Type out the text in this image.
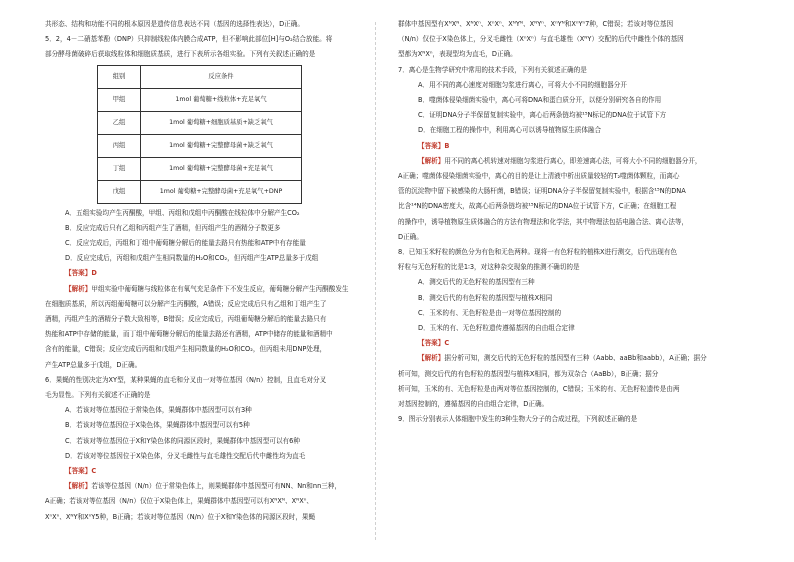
共形态、结构和功能不同的根本原因是遗传信息表达不同（基因的选择性表达），D正确。

5．2，4－二硝基苯酚（DNP）只抑制线粒体内膜合成ATP，但不影响此部位[H]与O₂结合放能。将

部分酵母菌破碎后获取线粒体和细胞质基质，进行下表所示各组实验。下列有关叙述正确的是

组别	反应条件
甲组	1mol 葡萄糖+线粒体+充足氧气
乙组	1mol 葡萄糖+细胞质基质+缺乏氧气
丙组	1mol 葡萄糖+完整酵母菌+缺乏氧气
丁组	1mol 葡萄糖+完整酵母菌+充足氧气
戊组	1mol 葡萄糖+完整酵母菌+充足氧气+DNP

A．五组实验均产生丙酮酸，甲组、丙组和戊组中丙酮酸在线粒体中分解产生CO₂

B．反应完成后只有乙组和丙组产生了酒精，但丙组产生的酒精分子数更多

C．反应完成后，丙组和丁组中葡萄糖分解后的能量去路只有热能和ATP中有存能量

D．反应完成后，丙组和戊组产生相同数量的H₂O和CO₂，但丙组产生ATP总量多于戊组

【答案】D

【解析】甲组实验中葡萄糖与线粒体在有氧气充足条件下不发生反应，葡萄糖分解产生丙酮酸发生

在细胞质基质，所以丙组葡萄糖可以分解产生丙酮酸，A错误；反应完成后只有乙组和丁组产生了

酒精，丙组产生的酒精分子数大致相等，B错误；反应完成后，丙组葡萄糖分解后的能量去路只有

热能和ATP中存储的能量，而丁组中葡萄糖分解后的能量去路还有酒精，ATP中储存的能量和酒精中

含有的能量，C错误；反应完成后丙组和戊组产生相同数量的H₂O和CO₂，但丙组未用DNP处理，

产生ATP总量多于戊组，D正确。

6．果蝇的性别决定为XY型，某种果蝇的直毛和分叉由一对等位基因（N/n）控制，且直毛对分叉

毛为显性。下列有关叙述不正确的是

A．若该对等位基因位于常染色体，果蝇群体中基因型可以有3种

B．若该对等位基因位于X染色体，果蝇群体中基因型可以有5种

C．若该对等位基因位于X和Y染色体的同源区段时，果蝇群体中基因型可以有6种

D．若该对等位基因位于X染色体，分叉毛雌性与直毛雄性交配后代中雌性均为直毛

【答案】C

【解析】若该等位基因（N/n）位于常染色体上，则果蝇群体中基因型可有NN、Nn和nn三种，

A正确；若该对等位基因（N/n）仅位于X染色体上，果蝇群体中基因型可以有XᴺXᴺ、XᴺXⁿ、

XⁿXⁿ、XᴺY和XⁿY5种，B正确；若该对等位基因（N/n）位于X和Y染色体的同源区段时，果蝇

群体中基因型有XᴺXᴺ、XᴺXⁿ、XⁿXⁿ、XᴺYᴺ、XᴺYⁿ、XⁿYᴺ和XⁿYⁿ7种，C错误；若该对等位基因

（N/n）仅位于X染色体上，分叉毛雌性（XⁿXⁿ）与直毛雄性（XᴺY）交配的后代中雌性个体的基因

型都为XᴺXⁿ，表现型均为直毛，D正确。

7．离心是生物学研究中常用的技术手段，下列有关叙述正确的是

A．用不同的离心速度对细胞匀浆进行离心，可将大小不同的细胞器分开

B．噬菌体侵染细菌实验中，离心可将DNA和蛋白质分开，以便分别研究各自的作用

C．证明DNA分子半保留复制实验中，离心后两条链均被¹⁵N标记的DNA位于试管下方

D．在细胞工程的操作中，利用离心可以诱导植物原生质体融合

【答案】B

【解析】用不同的离心机转速对细胞匀浆进行离心，即差速离心法，可将大小不同的细胞器分开，

A正确；噬菌体侵染细菌实验中，离心的目的是让上清液中析出质量较轻的T₂噬菌体颗粒，而离心

管的沉淀物中留下被感染的大肠杆菌，B错误；证明DNA分子半保留复制实验中，根据含¹⁵N的DNA

比含¹⁴N的DNA密度大，故离心后两条链均被¹⁵N标记的DNA位于试管下方，C正确；在细胞工程

的操作中，诱导植物原生质体融合的方法有物理法和化学法，其中物理法包括电融合法、离心法等，

D正确。

8．已知玉米籽粒的颜色分为有色和无色两种。现将一有色籽粒的植株X进行测交，后代出现有色

籽粒与无色籽粒的比是1∶3，对这种杂交现象的推测不确切的是

A．测交后代的无色籽粒的基因型有三种

B．测交后代的有色籽粒的基因型与植株X相同

C．玉米的有、无色籽粒是由一对等位基因控制的

D．玉米的有、无色籽粒遗传遵循基因的自由组合定律

【答案】C

【解析】据分析可知，测交后代的无色籽粒的基因型有三种（Aabb、aaBb和aabb），A正确；据分

析可知，测交后代的有色籽粒的基因型与植株X相同，都为双杂合（AaBb），B正确；据分

析可知，玉米的有、无色籽粒是由两对等位基因控制的，C错误；玉米的有、无色籽粒遗传是由两

对基因控制的，遵循基因的自由组合定律，D正确。

9．图示分别表示人体细胞中发生的3种生物大分子的合成过程，下列叙述正确的是
